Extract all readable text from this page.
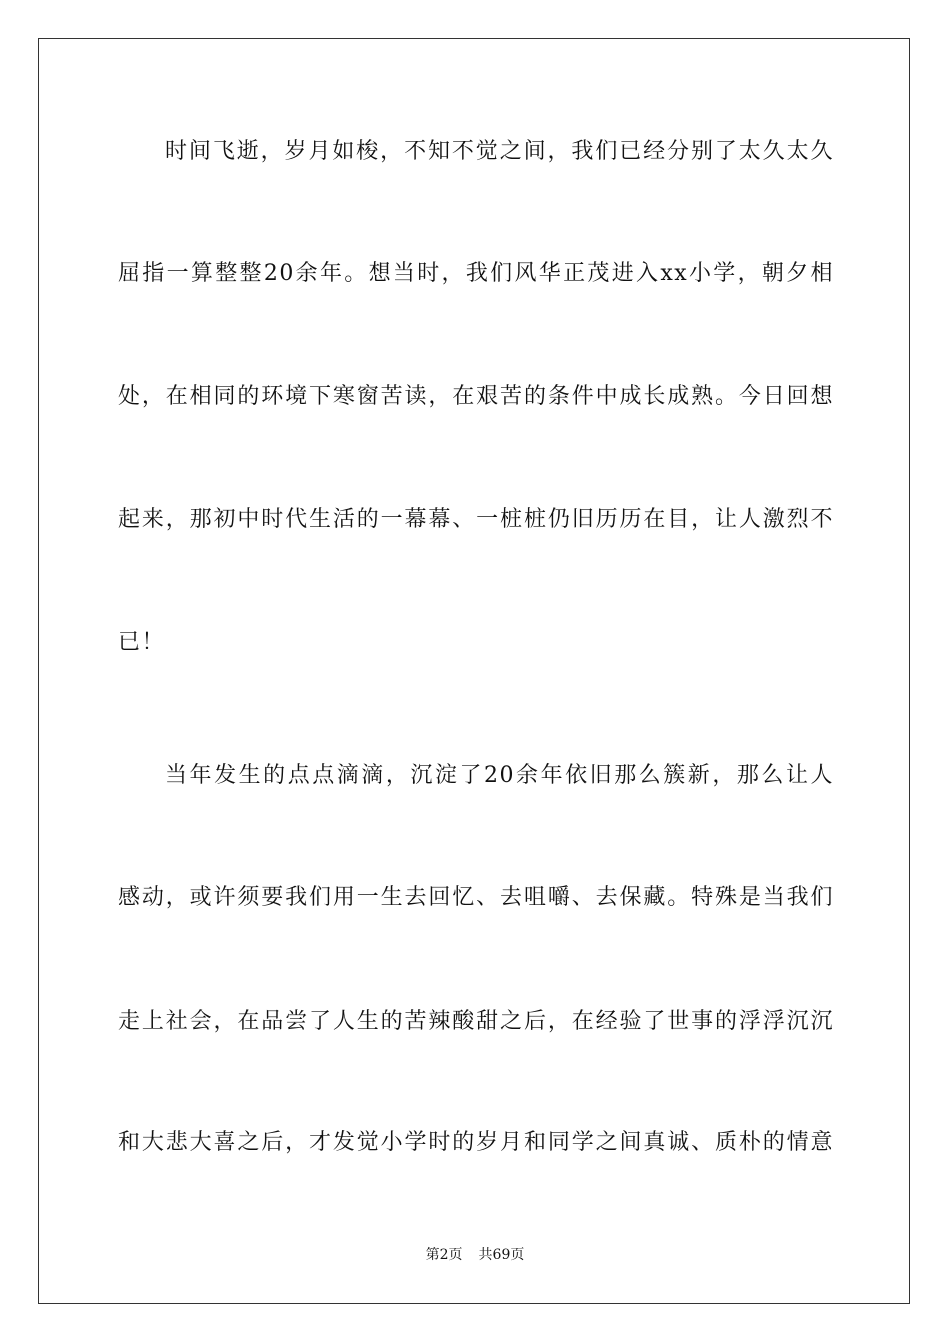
时间飞逝，岁月如梭，不知不觉之间，我们已经分别了太久太久
屈指一算整整20余年。想当时，我们风华正茂进入xx小学，朝夕相
处，在相同的环境下寒窗苦读，在艰苦的条件中成长成熟。今日回想
起来，那初中时代生活的一幕幕、一桩桩仍旧历历在目，让人激烈不
已！
当年发生的点点滴滴，沉淀了20余年依旧那么簇新，那么让人
感动，或许须要我们用一生去回忆、去咀嚼、去保藏。特殊是当我们
走上社会，在品尝了人生的苦辣酸甜之后，在经验了世事的浮浮沉沉
和大悲大喜之后，才发觉小学时的岁月和同学之间真诚、质朴的情意
第2页 共69页
